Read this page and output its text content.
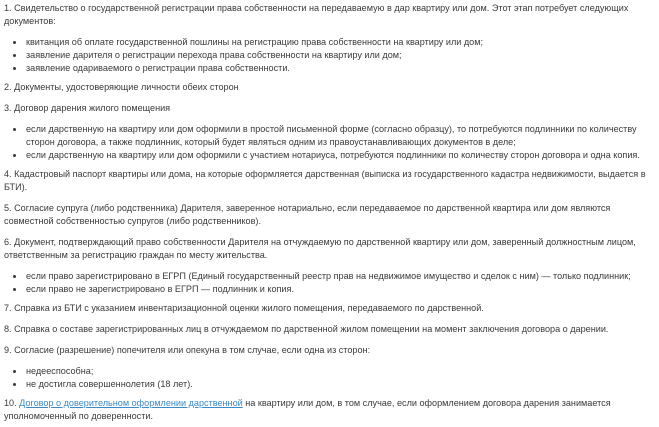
1. Свидетельство о государственной регистрации права собственности на передаваемую в дар квартиру или дом. Этот этап потребует следующих документов:

квитанция об оплате государственной пошлины на регистрацию права собственности на квартиру или дом;
заявление дарителя о регистрации перехода права собственности на квартиру или дом;
заявление одариваемого о регистрации права собственности.

2. Документы, удостоверяющие личности обеих сторон

3. Договор дарения жилого помещения

если дарственную на квартиру или дом оформили в простой письменной форме (согласно образцу), то потребуются подлинники по количеству сторон договора, а также подлинник, который будет являться одним из правоустанавливающих документов в деле;
если дарственную на квартиру или дом оформили с участием нотариуса, потребуются подлинники по количеству сторон договора и одна копия.

4. Кадастровый паспорт квартиры или дома, на которые оформляется дарственная (выписка из государственного кадастра недвижимости, выдается в БТИ).

5. Согласие супруга (либо родственника) Дарителя, заверенное нотариально, если передаваемое по дарственной квартира или дом являются совместной собственностью супругов (либо родственников).

6. Документ, подтверждающий право собственности Дарителя на отчуждаемую по дарственной квартиру или дом, заверенный должностным лицом, ответственным за регистрацию граждан по месту жительства.

если право зарегистрировано в ЕГРП (Единый государственный реестр прав на недвижимое имущество и сделок с ним) — только подлинник;
если право не зарегистрировано в ЕГРП — подлинник и копия.

7. Справка из БТИ с указанием инвентаризационной оценки жилого помещения, передаваемого по дарственной.

8. Справка о составе зарегистрированных лиц в отчуждаемом по дарственной жилом помещении на момент заключения договора о дарении.

9. Согласие (разрешение) попечителя или опекуна в том случае, если одна из сторон:

недееспособна;
не достигла совершеннолетия (18 лет).

10. Договор о доверительном оформлении дарственной на квартиру или дом, в том случае, если оформлением договора дарения занимается уполномоченный по доверенности.
